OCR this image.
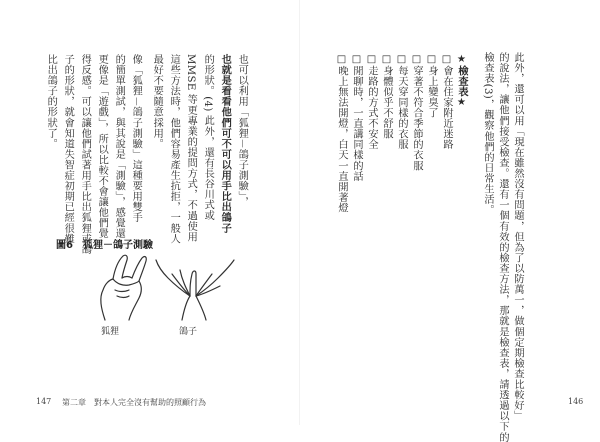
此外，還可以用「現在雖然沒有問題，但為了以防萬一，做個定期檢查比較好」

的說法，讓他們接受檢查。還有一個有效的檢查方法，那就是檢查表，請透過以下的

檢查表(3)，觀察他們的日常生活。

★檢查表★

□會在住家附近迷路
□身上變臭了
□穿著不符合季節的衣服
□每天穿同樣的衣服
□身體似乎不舒服
□走路的方式不安全
□閒聊時，一直講同樣的話
□晚上無法開燈，白天一直開著燈
146

也可以利用「狐狸－鴿子測驗」，

也就是看看他們可不可以用手比出鴿子

的形狀。(4) 此外，還有長谷川式或

MMSE 等更專業的提問方式，不過使用

這些方法時，他們容易產生抗拒，一般人

最好不要隨意採用。

像「狐狸－鴿子測驗」這種要用雙手

的簡單測試，與其說是「測驗」，感覺還

更像是「遊戲」，所以比較不會讓他們覺

得反感。可以讓他們試著用手比出狐狸或鴿

子的形狀，就會知道失智症初期已經很難

比出鴿子的形狀了。

圖6　狐狸－鴿子測驗
狐狸	鴿子
147 第二章　對本人完全沒有幫助的照顧行為
